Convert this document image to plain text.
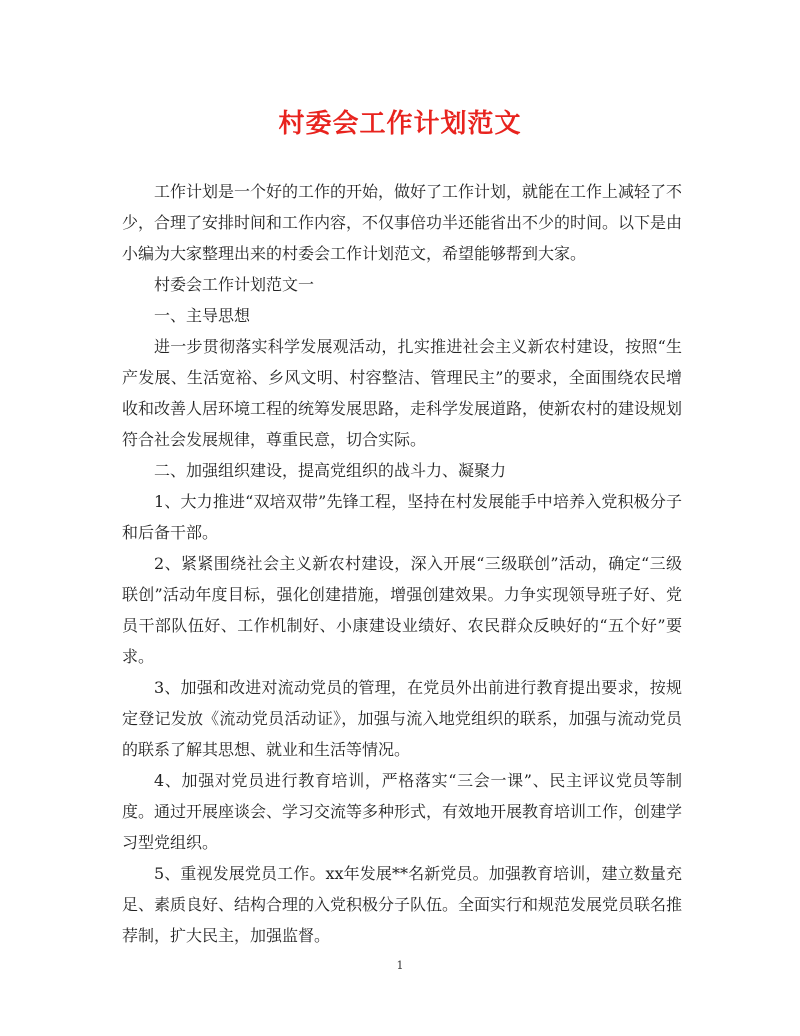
村委会工作计划范文

工作计划是一个好的工作的开始，做好了工作计划，就能在工作上减轻了不少，合理了安排时间和工作内容，不仅事倍功半还能省出不少的时间。以下是由小编为大家整理出来的村委会工作计划范文，希望能够帮到大家。

村委会工作计划范文一

一、主导思想

进一步贯彻落实科学发展观活动，扎实推进社会主义新农村建设，按照“生产发展、生活宽裕、乡风文明、村容整洁、管理民主”的要求，全面围绕农民增收和改善人居环境工程的统筹发展思路，走科学发展道路，使新农村的建设规划符合社会发展规律，尊重民意，切合实际。

二、加强组织建设，提高党组织的战斗力、凝聚力

1、大力推进“双培双带”先锋工程，坚持在村发展能手中培养入党积极分子和后备干部。

2、紧紧围绕社会主义新农村建设，深入开展“三级联创”活动，确定“三级联创”活动年度目标，强化创建措施，增强创建效果。力争实现领导班子好、党员干部队伍好、工作机制好、小康建设业绩好、农民群众反映好的“五个好”要求。

3、加强和改进对流动党员的管理，在党员外出前进行教育提出要求，按规定登记发放《流动党员活动证》，加强与流入地党组织的联系，加强与流动党员的联系了解其思想、就业和生活等情况。

4、加强对党员进行教育培训，严格落实“三会一课”、民主评议党员等制度。通过开展座谈会、学习交流等多种形式，有效地开展教育培训工作，创建学习型党组织。

5、重视发展党员工作。xx年发展**名新党员。加强教育培训，建立数量充足、素质良好、结构合理的入党积极分子队伍。全面实行和规范发展党员联名推荐制，扩大民主，加强监督。

1
